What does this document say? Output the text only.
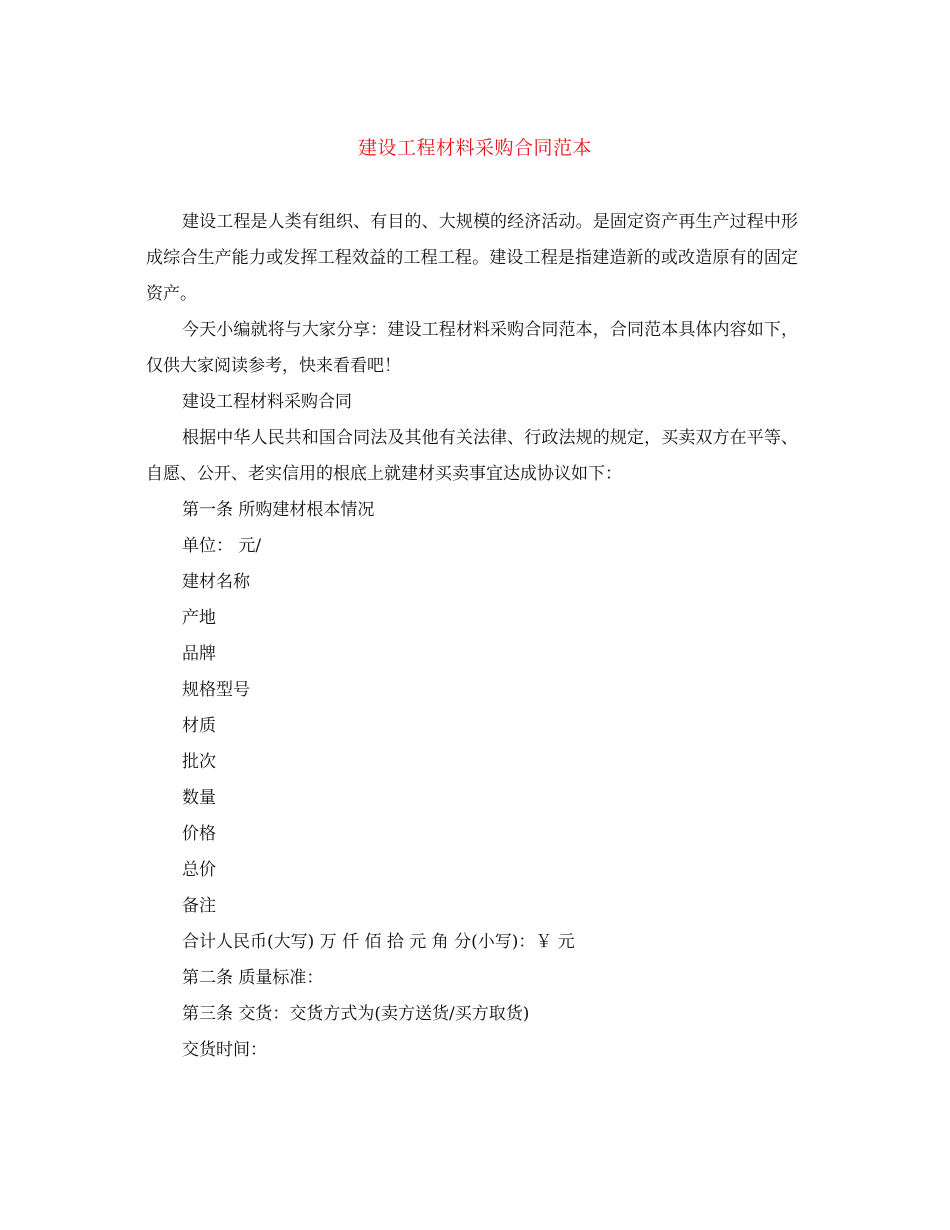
建设工程材料采购合同范本

建设工程是人类有组织、有目的、大规模的经济活动。是固定资产再生产过程中形成综合生产能力或发挥工程效益的工程工程。建设工程是指建造新的或改造原有的固定资产。

今天小编就将与大家分享：建设工程材料采购合同范本，合同范本具体内容如下，仅供大家阅读参考，快来看看吧！

建设工程材料采购合同

根据中华人民共和国合同法及其他有关法律、行政法规的规定，买卖双方在平等、自愿、公开、老实信用的根底上就建材买卖事宜达成协议如下：

第一条 所购建材根本情况

单位： 元/

建材名称

产地

品牌

规格型号

材质

批次

数量

价格

总价

备注

合计人民币(大写) 万 仟 佰 拾 元 角 分(小写)：￥ 元

第二条 质量标准：

第三条 交货：交货方式为(卖方送货/买方取货)

交货时间：
